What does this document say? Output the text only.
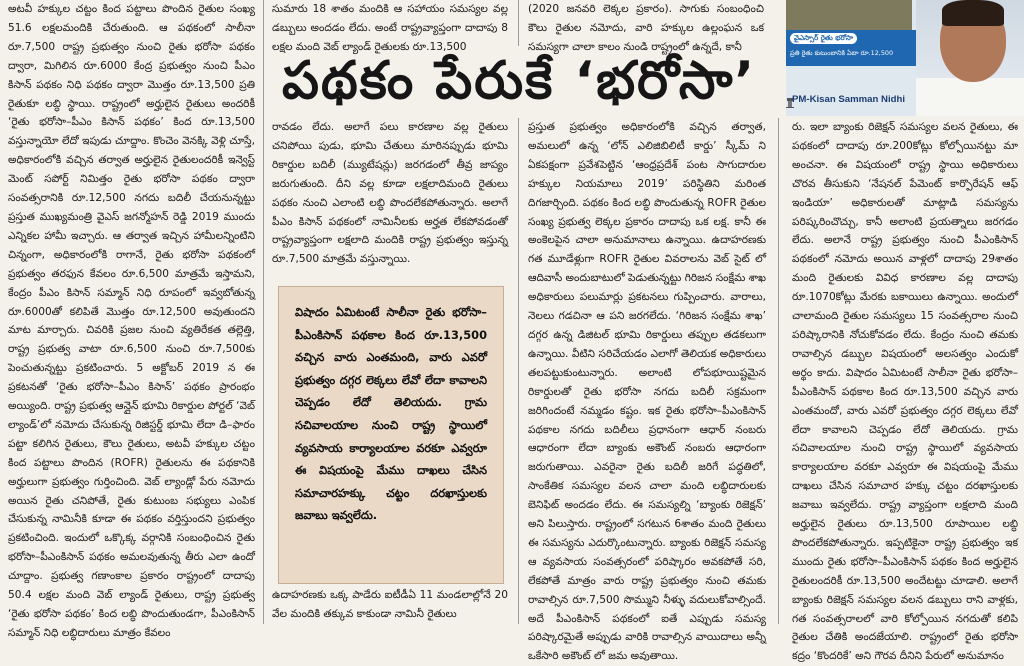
అటవీ హక్కుల చట్టం కింద పట్టాలు పొందిన రైతుల సంఖ్య 51.6 లక్షలమందికి చేరుతుంది. ఆ పథకంలో సాలీనా రూ.7,500 రాష్ట్ర ప్రభుత్వం నుంచి రైతు భరోసా పథకం ద్వారా, మిగిలిన రూ.6000 కేంద్ర ప్రభుత్వం నుంచి పీఎం కిసాన్ పథకం నిధి పథకం ద్వారా మొత్తం రూ.13,500 ప్రతి రైతుకూ లబ్ధి స్థాయి. రాష్ట్రంలో అర్హులైన రైతులు అందరికీ ‘రైతు భరోసా–పీఎం కిసాన్ పథకం’ కింద రూ.13,500 వస్తున్నాయో లేదో ఇపుడు చూద్దాం. కొంచెం వెనక్కి వెళ్లి చూస్తే, అధికారంలోకి వచ్చిన తర్వాత అర్హులైన రైతులందరికీ ఇన్వెస్ట్ మెంట్ సపోర్ట్ నిమిత్తం రైతు భరోసా పథకం ద్వారా సంవత్సరానికి రూ.12,500 నగదు బదిలీ చేయనున్నట్టు ప్రస్తుత ముఖ్యమంత్రి వైఎస్ జగన్మోహన్ రెడ్డి 2019 ముందు ఎన్నికల హామీ ఇచ్చారు. ఆ తర్వాత ఇచ్చిన హామీలన్నింటిని చిన్నంగా, అధికారంలోకి రాగానే, రైతు భరోసా పథకంలో ప్రభుత్వం తరఫున కేవలం రూ.6,500 మాత్రమే ఇస్తామని, కేంద్రం పీఎం కిసాన్ సమ్మాన్ నిధి రూపంలో ఇవ్వబోతున్న రూ.6000తో కలిపితే మొత్తం రూ.12,500 అవుతుందని మాట మార్చారు. చివరికి ప్రజల నుంచి వ్యతిరేకత తల్లెత్తి, రాష్ట్ర ప్రభుత్వ వాటా రూ.6,500 నుంచి రూ.7,500కు పెంచుతున్నట్టు ప్రకటించారు. 5 అక్టోబర్ 2019 న ఈ ప్రకటనతో ‘రైతు భరోసా–పీఎం కిసాన్’ పథకం ప్రారంభం అయ్యింది. రాష్ట్ర ప్రభుత్వ ఆన్లైన్ భూమి రికార్డుల పోర్టల్ ‘వెబ్ ల్యాండ్’లో నమోదు చేసుకున్న రిజిస్టర్డ్ భూమి లేదా డి–ఫారం పట్టా కలిగిన రైతులు, కౌలు రైతులు, అటవీ హక్కుల చట్టం కింద పట్టాలు పొందిన (ROFR) రైతులను ఈ పథకానికి అర్హులుగా ప్రభుత్వం గుర్తించింది. వెబ్ ల్యాండ్లో పేరు నమోదు అయిన రైతు చనిపోతే, రైతు కుటుంబ సభ్యులు ఎంపిక చేసుకున్న నామినీకి కూడా ఈ పథకం వర్తిస్తుందని ప్రభుత్వం ప్రకటించింది. ఇందులో ఒక్కొక్క వర్గానికి సంబంధించిన రైతు భరోసా–పీఎంకిసాన్ పథకం అమలవుతున్న తీరు ఎలా ఉందో చూద్దాం. ప్రభుత్వ గణాంకాల ప్రకారం రాష్ట్రంలో దాదాపు 50.4 లక్షల మంది వెబ్ ల్యాండ్ రైతులు, రాష్ట్ర ప్రభుత్వ ‘రైతు భరోసా పథకం’ కింద లబ్ధి పొందుతుండగా, పీఎంకిసాన్ సమ్మాన్ నిధి లబ్ధిదారులు మాత్రం కేవలం

సుమారు 18 శాతం మందికి ఆ సహాయం సమస్యల వల్ల డబ్బులు అందడం లేదు. అంటే రాష్ట్రవ్యాప్తంగా దాదాపు 8 లక్షల మంది వెబ్ ల్యాండ్ రైతులకు రూ.13,500

(2020 జనవరి లెక్కల ప్రకారం). సాగుకు సంబంధించి కౌలు రైతుల నమోదు, వారి హక్కుల ఉల్లంఘన ఒక సమస్యగా చాలా కాలం నుండి రాష్ట్రంలో ఉన్నదే, కానీ

పథకం పేరుకే ‘భరోసా’
వైఎస్సార్ రైతు భరోసా
ప్రతి రైతు కుటుంబానికి ఏటా రూ.12,500
PM-Kisan Samman Nidhi

రావడం లేదు. అలాగే పలు కారణాల వల్ల రైతులు చనిపోయి పుడు, భూమి చేతులు మారినప్పుడు భూమి రికార్డుల బదిలీ (మ్యుటేషన్లు) జరగడంలో తీవ్ర జాప్యం జరుగుతుంది. దీని వల్ల కూడా లక్షలాదిమంది రైతులు పథకం నుంచి ఎలాంటి లబ్ధి పొందలేకపోతున్నారు. అలాగే పీఎం కిసాన్ పథకంలో నామినీలకు అర్హత లేకపోవడంతో రాష్ట్రవ్యాప్తంగా లక్షలాది మందికి రాష్ట్ర ప్రభుత్వం ఇస్తున్న రూ.7,500 మాత్రమే వస్తున్నాయి.

విషాదం ఏమిటంటే సాలీనా రైతు భరోసా–పీఎంకిసాన్ పథకాల కింద రూ.13,500 వచ్చిన వారు ఎంతమంది, వారు ఎవరో ప్రభుత్వం దగ్గర లెక్కలు లేవో లేదా కావాలని చెప్పడం లేదో తెలియదు. గ్రామ సచివాలయాల నుంచి రాష్ట్ర స్థాయిలో వ్యవసాయ కార్యాలయాల వరకూ ఎవ్వరూ ఈ విషయంపై మేము దాఖలు చేసిన సమాచారహక్కు చట్టం దరఖాస్తులకు జవాబు ఇవ్వలేదు.

ఉదాహరణకు ఒక్క పాడేరు ఐటీడీఏ 11 మండలాల్లోనే 20 వేల మందికి తక్కువ కాకుండా నామినీ రైతులు

ప్రస్తుత ప్రభుత్వం అధికారంలోకి వచ్చిన తర్వాత, అమలులో ఉన్న ‘లోన్ ఎలిజిబిలిటీ కార్డు’ స్కీమ్ ని ఏకపక్షంగా ప్రవేశపెట్టిన ‘ఆంధ్రప్రదేశ్ పంట సాగుదారుల హక్కుల నియమాలు 2019’ పరిస్థితిని మరింత దిగజార్చింది. పథకం కింద లబ్ధి పొందుతున్న ROFR రైతుల సంఖ్య ప్రభుత్వ లెక్కల ప్రకారం దాదాపు ఒక లక్ష. కానీ ఈ అంకెలపైన చాలా అనుమానాలు ఉన్నాయి. ఉదాహరణకు గత మూడేళ్లుగా ROFR రైతుల వివరాలను వెబ్ సైట్ లో ఆదివాసీ అందుబాటులో పెడుతున్నట్టు గిరిజన సంక్షేమ శాఖ అధికారులు పలుమార్లు ప్రకటనలు గుప్పించారు. వారాలు, నెలలు గడచినా ఆ పని జరగలేదు. ‘గిరిజన సంక్షేమ శాఖ’ దగ్గర ఉన్న డిజిటల్ భూమి రికార్డులు తప్పుల తడకలుగా ఉన్నాయి. వీటిని సరిచేయడం ఎలాగో తెలియక అధికారులు తలపట్టుకుంటున్నారు. అలాంటి లోపభూయిష్టమైన రికార్డులతో రైతు భరోసా నగదు బదిలీ సక్రమంగా జరిగిందంటే నమ్మడం కష్టం. ఇక రైతు భరోసా–పీఎంకిసాన్ పథకాల నగదు బదిలీలు ప్రధానంగా ఆధార్ నంబరు ఆధారంగా లేదా బ్యాంకు అకౌంట్ నంబరు ఆధారంగా జరుగుతాయి. ఎవరైనా రైతు బదిలీ జరిగే పద్ధతిలో, సాంకేతిక సమస్యల వలన చాలా మంది లబ్ధిదారులకు బెనిఫిట్ అందడం లేదు. ఈ సమస్యల్ని ‘బ్యాంకు రిజెక్షన్’ అని పిలుస్తారు. రాష్ట్రంలో సగటున 6శాతం మంది రైతులు ఈ సమస్యను ఎదుర్కొంటున్నారు. బ్యాంకు రిజెక్షన్ సమస్య ఆ వ్యవసాయ సంవత్సరంలో పరిష్కారం అవకపోతే సరి, లేకపోతే మాత్రం వారు రాష్ట్ర ప్రభుత్వం నుంచి తమకు రావాల్సిన రూ.7,500 సొమ్ముని నీళ్ళు వదులుకోవాల్సిందే. అదే పీఎంకిసాన్ పథకంలో ఐతే ఎప్పుడు సమస్య పరిష్కారమైతే అప్పుడు వారికి రావాల్సిన వాయిదాలు అన్నీ ఒకేసారి అకౌంట్ లో జమ అవుతాయి.

రు. ఇలా బ్యాంకు రిజెక్షన్ సమస్యల వలన రైతులు, ఈ పథకంలో దాదాపు రూ.200కోట్లు కోల్పోయినట్టు మా అంచనా. ఈ విషయంలో రాష్ట్ర స్థాయి అధికారులు చొరవ తీసుకుని ‘నేషనల్ పేమెంట్ కార్పొరేషన్ ఆఫ్ ఇండియా’ అధికారులతో మాట్లాడి సమస్యను పరిష్కరించొచ్చు, కానీ అలాంటి ప్రయత్నాలు జరగడం లేదు. అలానే రాష్ట్ర ప్రభుత్వం నుంచి పీఎంకిసాన్ పథకంలో నమోదు అయిన వాళ్లలో దాదాపు 29శాతం మంది రైతులకు వివిధ కారణాల వల్ల దాదాపు రూ.1070కోట్లు మేరకు బకాయిలు ఉన్నాయి. అందులో చాలామంది రైతుల సమస్యలు 15 సంవత్సరాల నుంచి పరిష్కారానికి నోచుకోవడం లేదు. కేంద్రం నుంచి తమకు రావాల్సిన డబ్బుల విషయంలో అలసత్వం ఎందుకో అర్థం కాదు. విషాదం ఏమిటంటే సాలీనా రైతు భరోసా–పీఎంకిసాన్ పథకాల కింద రూ.13,500 వచ్చిన వారు ఎంతమందో, వారు ఎవరో ప్రభుత్వం దగ్గర లెక్కలు లేవో లేదా కావాలని చెప్పడం లేదో తెలియదు. గ్రామ సచివాలయాల నుంచి రాష్ట్ర స్థాయిలో వ్యవసాయ కార్యాలయాల వరకూ ఎవ్వరూ ఈ విషయంపై మేము దాఖలు చేసిన సమాచార హక్కు చట్టం దరఖాస్తులకు జవాబు ఇవ్వలేదు. రాష్ట్ర వ్యాప్తంగా లక్షలాది మంది అర్హులైన రైతులు రూ.13,500 రూపాయిల లబ్ధి పొందలేకపోతున్నారు. ఇప్పటికైనా రాష్ట్ర ప్రభుత్వం ఇక ముందు రైతు భరోసా–పీఎంకిసాన్ పథకం కింద అర్హులైన రైతులందరికీ రూ.13,500 అందేటట్టు చూడాలి. అలాగే బ్యాంకు రిజెక్షన్ సమస్యల వలన డబ్బులు రాని వాళ్లకు, గత సంవత్సరాలలో వారి కోల్పోయిన నగదుతో కలిపి రైతుల చేతికి అందజేయాలి. రాష్ట్రంలో రైతు భరోసా కద్రం ‘కొందరికే’ అని గౌరవ దీనిని పేరులో అనుమానం
